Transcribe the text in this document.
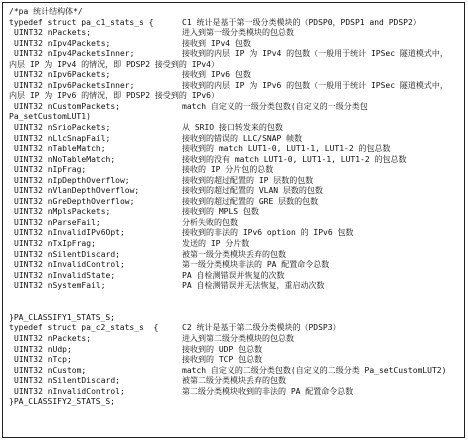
/*pa 统计结构体*/

typedef struct pa_c1_stats_s {

	C1 统计是基于第一级分类模块的（PDSP0，PDSP1 and PDSP2）

UINT32 nPackets;	进入到第一级分类模块的包总数
UINT32 nIpv4Packets;	接收到 IPv4 包数
UINT32 nIpv4PacketsInner;	接收到的内层 IP 为 IPv4 的包数（一般用于统计 IPSec 隧道模式中，
内层 IP 为 IPv4 的情况，即 PDSP2 接受到的 IPv4）
UINT32 nIpv6Packets;	接收到 IPv6 包数
UINT32 nIpv6PacketsInner;	接收到的内层 IP 为 IPv6 的包数（一般用于统计 IPSec 隧道模式中，
内层 IP 为 IPv6 的情况，即 PDSP2 接受到的 IPv6）
UINT32 nCustomPackets;	match 自定义的一级分类包数(自定义的一级分类包
Pa_setCustomLUT1)
UINT32 nSrioPackets;	从 SRIO 接口转发来的包数
UINT32 nLlcSnapFail;	接收到的错误的 LLC/SNAP 帧数
UINT32 nTableMatch;	接收到的 match LUT1-0, LUT1-1, LUT1-2 的包总数
UINT32 nNoTableMatch;	接收到的没有 match LUT1-0, LUT1-1, LUT1-2 的包总数
UINT32 nIpFrag;	接收的 IP 分片包的总数
UINT32 nIpDepthOverflow;	接收到的超过配置的 IP 层数的包数
UINT32 nVlanDepthOverflow;	接收到的超过配置的 VLAN 层数的包数
UINT32 nGreDepthOverflow;	接收到的超过配置的 GRE 层数的包数
UINT32 nMplsPackets;	接收到的 MPLS 包数
UINT32 nParseFail;	分析失败的包数
UINT32 nInvalidIPv6Opt;	接收到的非法的 IPv6 option 的 IPv6 包数
UINT32 nTxIpFrag;	发送的 IP 分片数
UINT32 nSilentDiscard;	被第一级分类模块丢弃的包数
UINT32 nInvalidControl;	第一级分类模块非法的 PA 配置命令总数
UINT32 nInvalidState;	PA 自检测错误并恢复的次数
UINT32 nSystemFail;	PA 自检测错误并无法恢复，重启动次数

}PA_CLASSIFY1_STATS_S;

typedef struct pa_c2_stats_s  {

	C2 统计是基于第二级分类模块的（PDSP3）

UINT32 nPackets;	进入到第二级分类模块的包总数
UINT32 nUdp;	接收到的 UDP 包总数
UINT32 nTcp;	接收到的 TCP 包总数
UINT32 nCustom;	match 自定义的二级分类包数(自定义的二级分类 Pa_setCustomLUT2)
UINT32 nSilentDiscard;	被第二级分类模块丢弃的包数
UINT32 nInvalidControl;	第二级分类模块收到的非法的 PA 配置命令总数

}PA_CLASSIFY2_STATS_S;
